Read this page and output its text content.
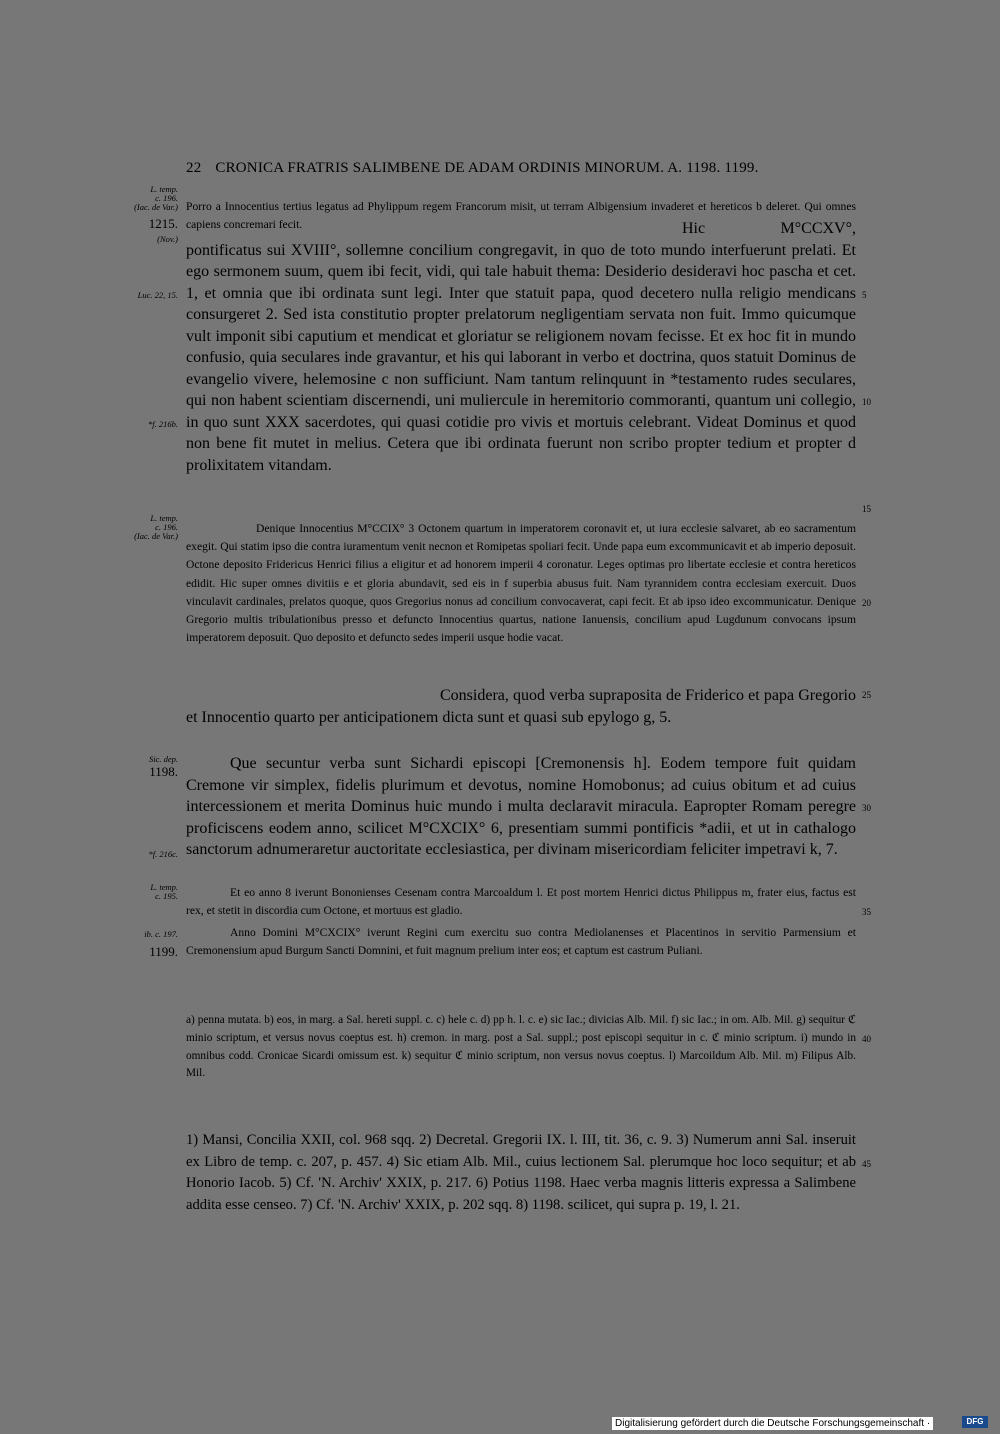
22 CRONICA FRATRIS SALIMBENE DE ADAM ORDINIS MINORUM. A. 1198. 1199.
L. temp.
c. 196.
(Iac. de Var.)
1215.
(Nov.)
Luc. 22, 15.
*f. 216b.
L. temp.
c. 196.
(Iac. de Var.)
Sic. dep.
1198.
*f. 216c.
L. temp.
c. 195.
ib. c. 197.
1199.
5
10
15
20
25
30
35
40
45
Porro a Innocentius tertius legatus ad Phylippum regem Francorum misit, ut terram Albigensium invaderet et hereticos b deleret. Qui omnes capiens concremari fecit.	Hic M°CCXV°, pontificatus sui XVIII°, sollemne concilium congregavit, in quo de toto mundo interfuerunt prelati. Et ego sermonem suum, quem ibi fecit, vidi, qui tale habuit thema: Desiderio desideravi hoc pascha et cet. 1, et omnia que ibi ordinata sunt legi. Inter que statuit papa, quod decetero nulla religio mendicans consurgeret 2. Sed ista constitutio propter prelatorum negligentiam servata non fuit. Immo quicumque vult imponit sibi caputium et mendicat et gloriatur se religionem novam fecisse. Et ex hoc fit in mundo confusio, quia seculares inde gravantur, et his qui laborant in verbo et doctrina, quos statuit Dominus de evangelio vivere, helemosine c non sufficiunt. Nam tantum relinquunt in *testamento rudes seculares, qui non habent scientiam discernendi, uni muliercule in heremitorio commoranti, quantum uni collegio, in quo sunt XXX sacerdotes, qui quasi cotidie pro vivis et mortuis celebrant. Videat Dominus et quod non bene fit mutet in melius. Cetera que ibi ordinata fuerunt non scribo propter tedium et propter d prolixitatem vitandam.
Denique Innocentius M°CCIX° 3 Octonem quartum in imperatorem coronavit et, ut iura ecclesie salvaret, ab eo sacramentum exegit. Qui statim ipso die contra iuramentum venit necnon et Romipetas spoliari fecit. Unde papa eum excommunicavit et ab imperio deposuit. Octone deposito Fridericus Henrici filius a eligitur et ad honorem imperii 4 coronatur. Leges optimas pro libertate ecclesie et contra hereticos edidit. Hic super omnes divitiis e et gloria abundavit, sed eis in f superbia abusus fuit. Nam tyrannidem contra ecclesiam exercuit. Duos vinculavit cardinales, prelatos quoque, quos Gregorius nonus ad concilium convocaverat, capi fecit. Et ab ipso ideo excommunicatur. Denique Gregorio multis tribulationibus presso et defuncto Innocentius quartus, natione Ianuensis, concilium apud Lugdunum convocans ipsum imperatorem deposuit. Quo deposito et defuncto sedes imperii usque hodie vacat.
Considera, quod verba supraposita de Friderico et papa Gregorio et Innocentio quarto per anticipationem dicta sunt et quasi sub epylogo g, 5.
Que secuntur verba sunt Sichardi episcopi [Cremonensis h]. Eodem tempore fuit quidam Cremone vir simplex, fidelis plurimum et devotus, nomine Homobonus; ad cuius obitum et ad cuius intercessionem et merita Dominus huic mundo i multa declaravit miracula. Eapropter Romam peregre proficiscens eodem anno, scilicet M°CXCIX° 6, presentiam summi pontificis *adii, et ut in cathalogo sanctorum adnumeraretur auctoritate ecclesiastica, per divinam misericordiam feliciter impetravi k, 7.
Et eo anno 8 iverunt Bononienses Cesenam contra Marcoaldum l. Et post mortem Henrici dictus Philippus m, frater eius, factus est rex, et stetit in discordia cum Octone, et mortuus est gladio.
Anno Domini M°CXCIX° iverunt Regini cum exercitu suo contra Mediolanenses et Placentinos in servitio Parmensium et Cremonensium apud Burgum Sancti Domnini, et fuit magnum prelium inter eos; et captum est castrum Puliani.
a) penna mutata. b) eos, in marg. a Sal. hereti suppl. c. c) hele c. d) pp h. l. c. e) sic Iac.; divicias Alb. Mil. f) sic Iac.; in om. Alb. Mil. g) sequitur ℭ minio scriptum, et versus novus coeptus est. h) cremon. in marg. post a Sal. suppl.; post episcopi sequitur in c. ℭ minio scriptum. i) mundo in omnibus codd. Cronicae Sicardi omissum est. k) sequitur ℭ minio scriptum, non versus novus coeptus. l) Marcoildum Alb. Mil. m) Filipus Alb. Mil.
1) Mansi, Concilia XXII, col. 968 sqq. 2) Decretal. Gregorii IX. l. III, tit. 36, c. 9. 3) Numerum anni Sal. inseruit ex Libro de temp. c. 207, p. 457. 4) Sic etiam Alb. Mil., cuius lectionem Sal. plerumque hoc loco sequitur; et ab Honorio Iacob. 5) Cf. 'N. Archiv' XXIX, p. 217. 6) Potius 1198. Haec verba magnis litteris expressa a Salimbene addita esse censeo. 7) Cf. 'N. Archiv' XXIX, p. 202 sqq. 8) 1198. scilicet, qui supra p. 19, l. 21.
Digitalisierung gefördert durch die Deutsche Forschungsgemeinschaft ·	DFG
